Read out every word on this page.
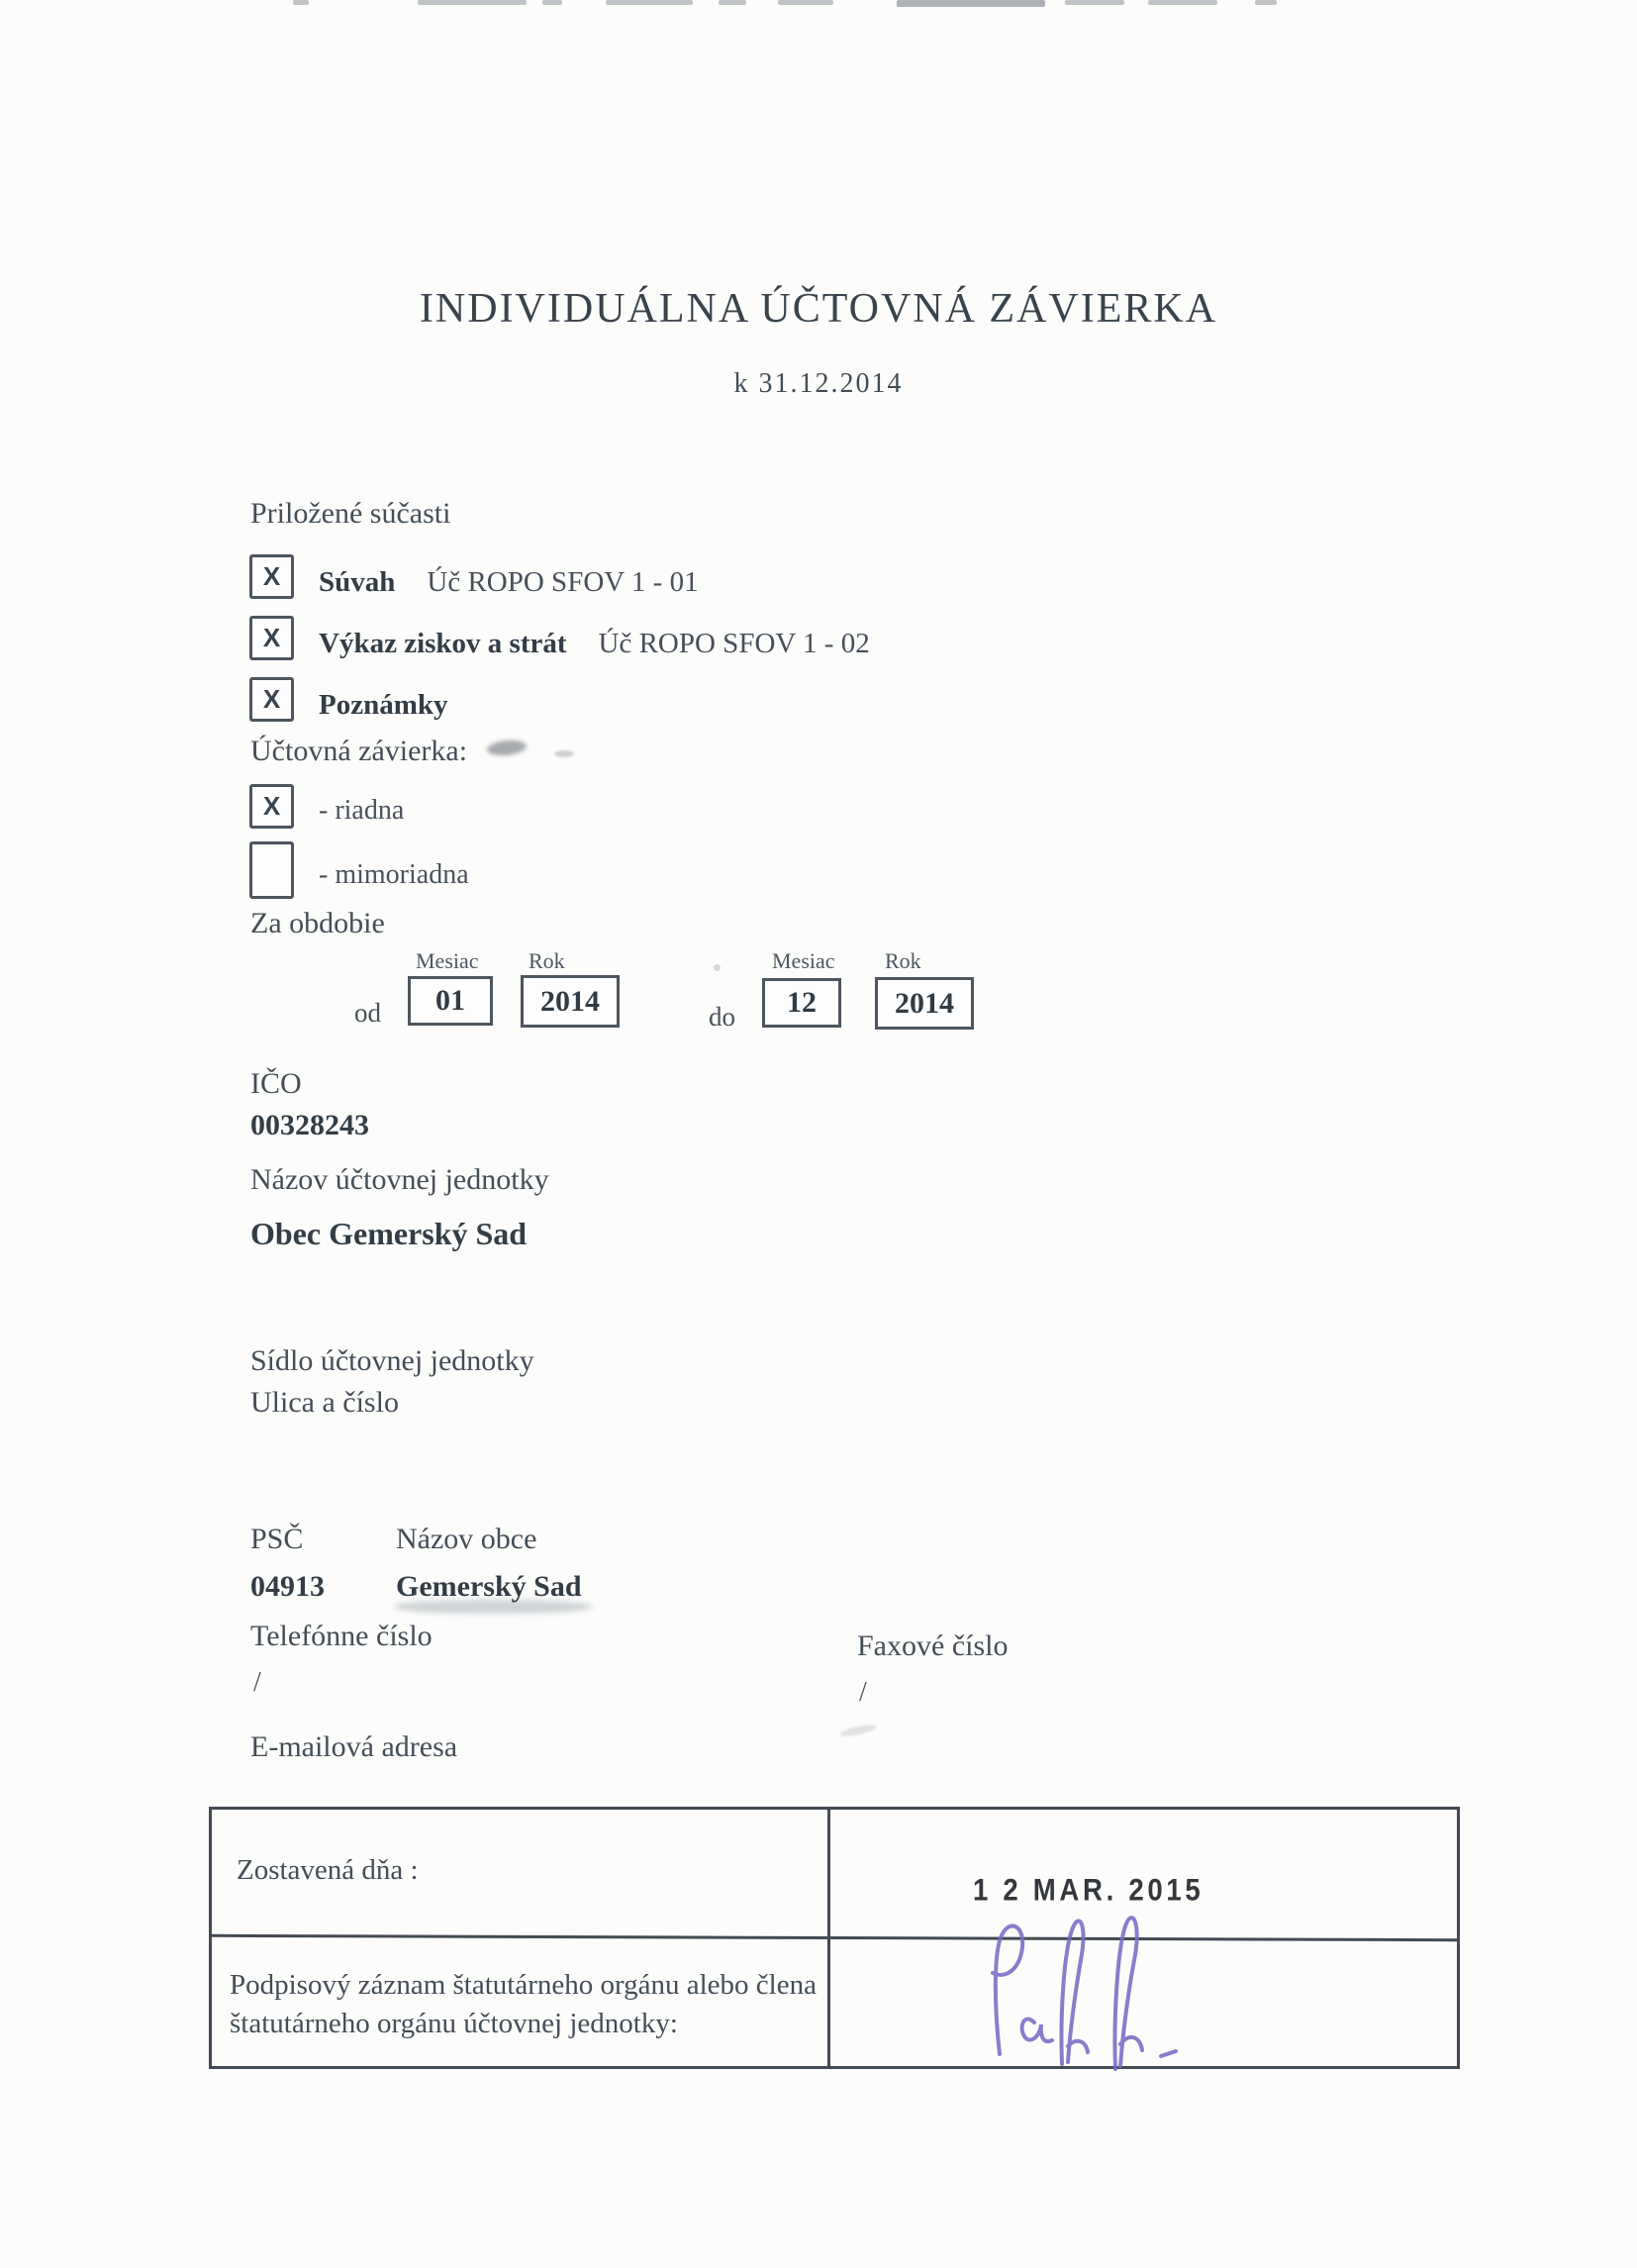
INDIVIDUÁLNA ÚČTOVNÁ ZÁVIERKA
k 31.12.2014
Priložené súčasti
X Súvah Úč ROPO SFOV 1 - 01
X Výkaz ziskov a strát Úč ROPO SFOV 1 - 02
X Poznámky
Účtovná závierka:
X - riadna
- mimoriadna
Za obdobie
Mesiac Rok	Mesiac Rok
od 01	2014	do 12	2014
IČO
00328243
Názov účtovnej jednotky
Obec Gemerský Sad
Sídlo účtovnej jednotky
Ulica a číslo
PSČ	Názov obce
04913 Gemerský Sad
Telefónne číslo	Faxové číslo
/	/
E-mailová adresa
Zostavená dňa :
1 2 MAR. 2015
Podpisový záznam štatutárneho orgánu alebo člena štatutárneho orgánu účtovnej jednotky:
